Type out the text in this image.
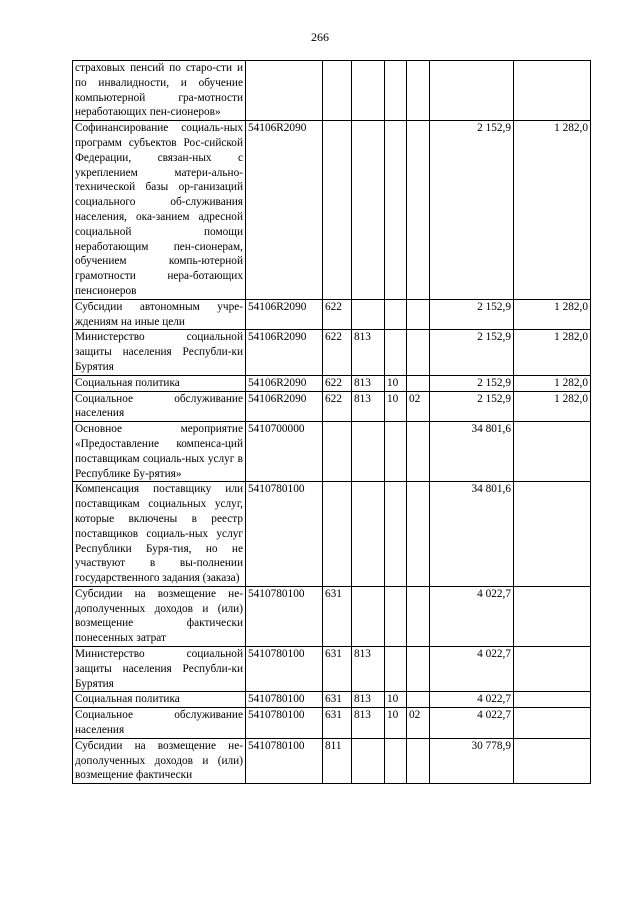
266
страховых пенсий по старо-сти и по инвалидности, и обучение компьютерной гра-мотности неработающих пен-сионеров»							
Софинансирование социаль-ных программ субъектов Рос-сийской Федерации, связан-ных с укреплением матери-ально-технической базы ор-ганизаций социального об-служивания населения, ока-занием адресной социальной помощи неработающим пен-сионерам, обучением компь-ютерной грамотности нера-ботающих пенсионеров	54106R2090					2 152,9	1 282,0
Субсидии автономным учре-ждениям на иные цели	54106R2090	622				2 152,9	1 282,0
Министерство социальной защиты населения Республи-ки Бурятия	54106R2090	622	813			2 152,9	1 282,0
Социальная политика	54106R2090	622	813	10		2 152,9	1 282,0
Социальное обслуживание населения	54106R2090	622	813	10	02	2 152,9	1 282,0
Основное мероприятие «Предоставление компенса-ций поставщикам социаль-ных услуг в Республике Бу-рятия»	5410700000					34 801,6	
Компенсация поставщику или поставщикам социальных услуг, которые включены в реестр поставщиков социаль-ных услуг Республики Буря-тия, но не участвуют в вы-полнении государственного задания (заказа)	5410780100					34 801,6	
Субсидии на возмещение не-дополученных доходов и (или) возмещение фактически понесенных затрат	5410780100	631				4 022,7	
Министерство социальной защиты населения Республи-ки Бурятия	5410780100	631	813			4 022,7	
Социальная политика	5410780100	631	813	10		4 022,7	
Социальное обслуживание населения	5410780100	631	813	10	02	4 022,7	
Субсидии на возмещение не-дополученных доходов и (или) возмещение фактически	5410780100	811				30 778,9	
